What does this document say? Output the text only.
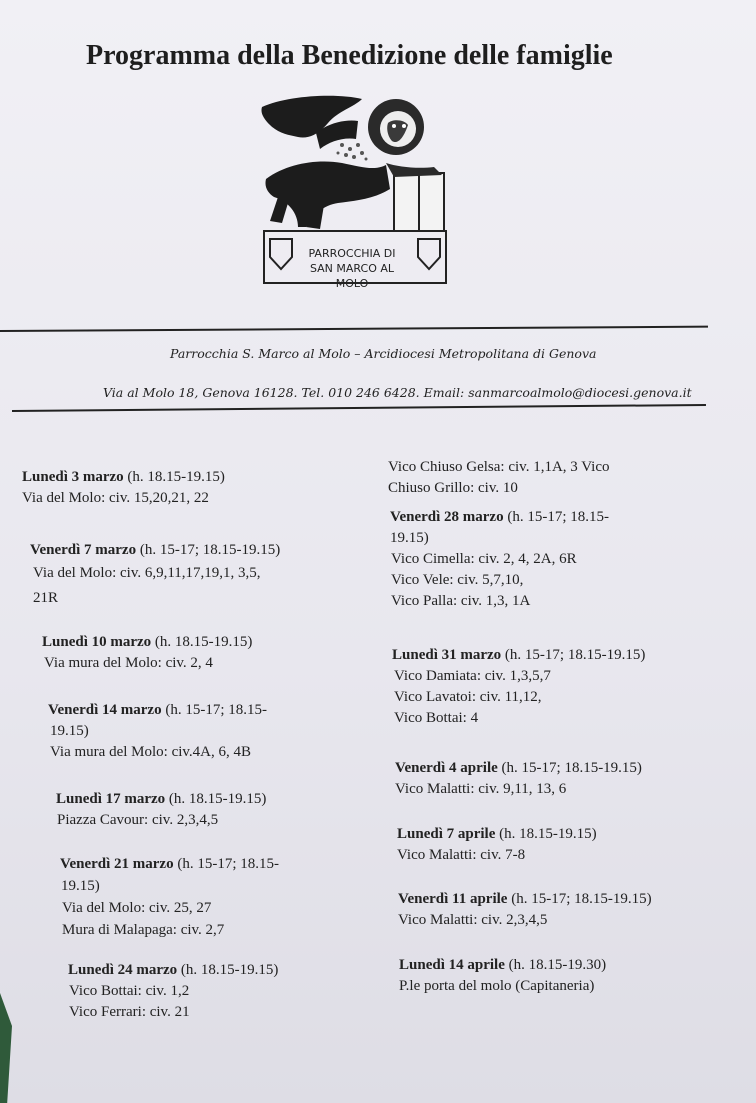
Programma della Benedizione delle famiglie
PARROCCHIA DI
SAN MARCO AL MOLO
Parrocchia S. Marco al Molo – Arcidiocesi Metropolitana di Genova
Via al Molo 18, Genova 16128. Tel. 010 246 6428. Email: sanmarcoalmolo@diocesi.genova.it
Lunedì 3 marzo (h. 18.15-19.15)
Via del Molo: civ. 15,20,21, 22
Venerdì 7 marzo (h. 15-17; 18.15-19.15)
Via del Molo: civ. 6,9,11,17,19,1, 3,5,
21R
Lunedì 10 marzo (h. 18.15-19.15)
Via mura del Molo: civ. 2, 4
Venerdì 14 marzo (h. 15-17; 18.15-
19.15)
Via mura del Molo: civ.4A, 6, 4B
Lunedì 17 marzo (h. 18.15-19.15)
Piazza Cavour: civ. 2,3,4,5
Venerdì 21 marzo (h. 15-17; 18.15-
19.15)
Via del Molo: civ. 25, 27
Mura di Malapaga: civ. 2,7
Lunedì 24 marzo (h. 18.15-19.15)
Vico Bottai: civ. 1,2
Vico Ferrari: civ. 21
Vico Chiuso Gelsa: civ. 1,1A, 3 Vico
Chiuso Grillo: civ. 10
Venerdì 28 marzo (h. 15-17; 18.15-
19.15)
Vico Cimella: civ. 2, 4, 2A, 6R
Vico Vele: civ. 5,7,10,
Vico Palla: civ. 1,3, 1A
Lunedì 31 marzo (h. 15-17; 18.15-19.15)
Vico Damiata: civ. 1,3,5,7
Vico Lavatoi: civ. 11,12,
Vico Bottai: 4
Venerdì 4 aprile (h. 15-17; 18.15-19.15)
Vico Malatti: civ. 9,11, 13, 6
Lunedì 7 aprile (h. 18.15-19.15)
Vico Malatti: civ. 7-8
Venerdì 11 aprile (h. 15-17; 18.15-19.15)
Vico Malatti: civ. 2,3,4,5
Lunedì 14 aprile (h. 18.15-19.30)
P.le porta del molo (Capitaneria)
